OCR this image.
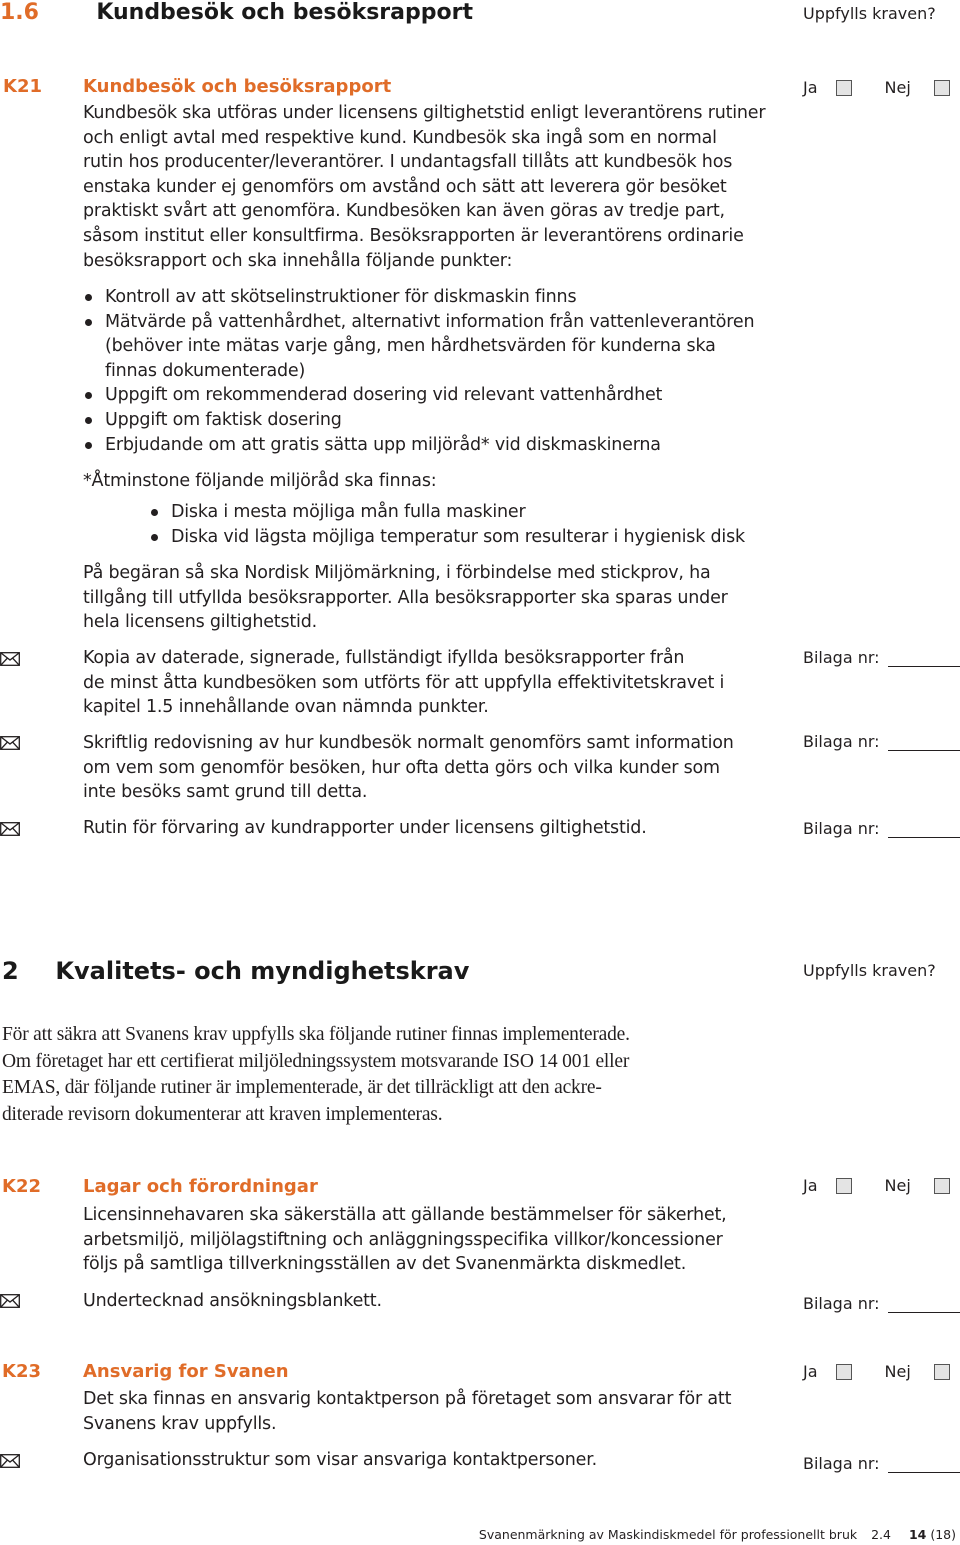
1.6	Kundbesök och besöksrapport	Uppfylls kraven?
K21 Kundbesök och besöksrapport	Ja	Nej
Kundbesök ska utföras under licensens giltighetstid enligt leverantörens rutiner
och enligt avtal med respektive kund. Kundbesök ska ingå som en normal
rutin hos producenter/leverantörer. I undantagsfall tillåts att kundbesök hos
enstaka kunder ej genomförs om avstånd och sätt att leverera gör besöket
praktiskt svårt att genomföra. Kundbesöken kan även göras av tredje part,
såsom institut eller konsultfirma. Besöksrapporten är leverantörens ordinarie
besöksrapport och ska innehålla följande punkter:
Kontroll av att skötselinstruktioner för diskmaskin finns
Mätvärde på vattenhårdhet, alternativt information från vattenleverantören
(behöver inte mätas varje gång, men hårdhetsvärden för kunderna ska
finnas dokumenterade)
Uppgift om rekommenderad dosering vid relevant vattenhårdhet
Uppgift om faktisk dosering
Erbjudande om att gratis sätta upp miljöråd* vid diskmaskinerna
*Åtminstone följande miljöråd ska finnas:
Diska i mesta möjliga mån fulla maskiner
Diska vid lägsta möjliga temperatur som resulterar i hygienisk disk
På begäran så ska Nordisk Miljömärkning, i förbindelse med stickprov, ha
tillgång till utfyllda besöksrapporter. Alla besöksrapporter ska sparas under
hela licensens giltighetstid.
Kopia av daterade, signerade, fullständigt ifyllda besöksrapporter från
de minst åtta kundbesöken som utförts för att uppfylla effektivitetskravet i
kapitel 1.5 innehållande ovan nämnda punkter.
Bilaga nr:
Skriftlig redovisning av hur kundbesök normalt genomförs samt information
om vem som genomför besöken, hur ofta detta görs och vilka kunder som
inte besöks samt grund till detta.
Bilaga nr:
Rutin för förvaring av kundrapporter under licensens giltighetstid.	Bilaga nr:
2 Kvalitets- och myndighetskrav	Uppfylls kraven?
För att säkra att Svanens krav uppfylls ska följande rutiner finnas implementerade.
Om företaget har ett certifierat miljöledningssystem motsvarande ISO 14 001 eller
EMAS, där följande rutiner är implementerade, är det tillräckligt att den ackre-
diterade revisorn dokumenterar att kraven implementeras.
K22 Lagar och förordningar	Ja	Nej
Licensinnehavaren ska säkerställa att gällande bestämmelser för säkerhet,
arbetsmiljö, miljölagstiftning och anläggningsspecifika villkor/koncessioner
följs på samtliga tillverkningsställen av det Svanenmärkta diskmedlet.
Undertecknad ansökningsblankett.	Bilaga nr:
K23 Ansvarig for Svanen	Ja	Nej
Det ska finnas en ansvarig kontaktperson på företaget som ansvarar för att
Svanens krav uppfylls.
Organisationsstruktur som visar ansvariga kontaktpersoner.	Bilaga nr:
Svanenmärkning av Maskindiskmedel för professionellt bruk 2.4 14 (18)
